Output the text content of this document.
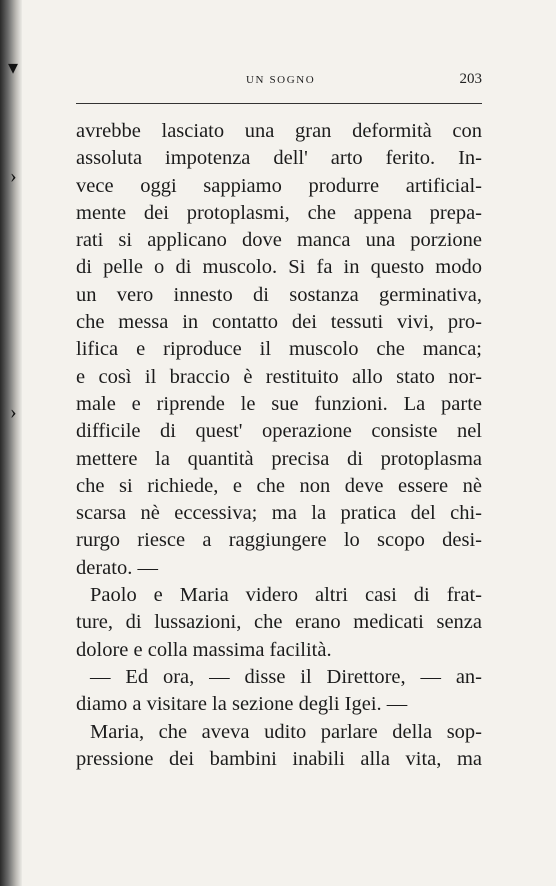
▾
›
›
UN SOGNO	203
avrebbe lasciato una gran deformità con
assoluta impotenza dell' arto ferito. In-
vece oggi sappiamo produrre artificial-
mente dei protoplasmi, che appena prepa-
rati si applicano dove manca una porzione
di pelle o di muscolo. Si fa in questo modo
un vero innesto di sostanza germinativa,
che messa in contatto dei tessuti vivi, pro-
lifica e riproduce il muscolo che manca;
e così il braccio è restituito allo stato nor-
male e riprende le sue funzioni. La parte
difficile di quest' operazione consiste nel
mettere la quantità precisa di protoplasma
che si richiede, e che non deve essere nè
scarsa nè eccessiva; ma la pratica del chi-
rurgo riesce a raggiungere lo scopo desi-
derato. —
Paolo e Maria videro altri casi di frat-
ture, di lussazioni, che erano medicati senza
dolore e colla massima facilità.
— Ed ora, — disse il Direttore, — an-
diamo a visitare la sezione degli Igei. —
Maria, che aveva udito parlare della sop-
pressione dei bambini inabili alla vita, ma
